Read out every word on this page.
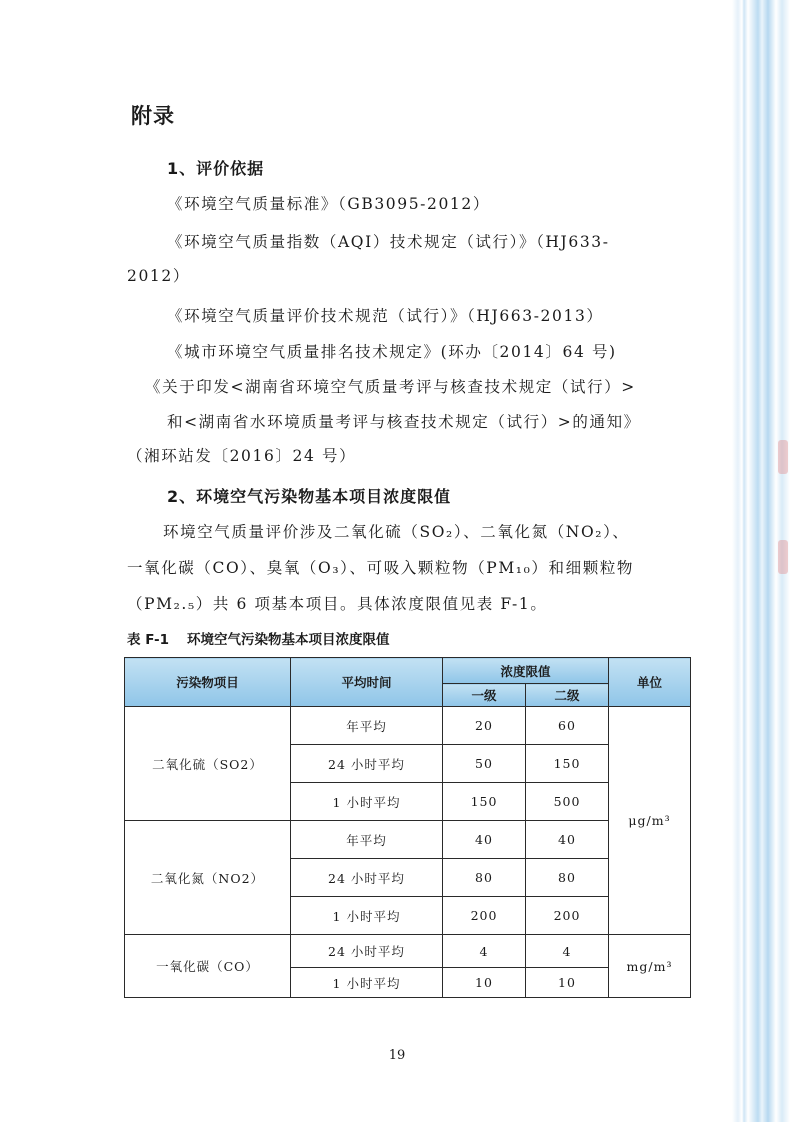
附录
1、评价依据
《环境空气质量标准》（GB3095-2012）
《环境空气质量指数（AQI）技术规定（试行）》（HJ633-
2012）
《环境空气质量评价技术规范（试行）》（HJ663-2013）
《城市环境空气质量排名技术规定》(环办〔2014〕64 号)
《关于印发<湖南省环境空气质量考评与核查技术规定（试行）>
和<湖南省水环境质量考评与核查技术规定（试行）>的通知》
（湘环站发〔2016〕24 号）
2、环境空气污染物基本项目浓度限值
环境空气质量评价涉及二氧化硫（SO₂）、二氧化氮（NO₂）、
一氧化碳（CO）、臭氧（O₃）、可吸入颗粒物（PM₁₀）和细颗粒物
（PM₂.₅）共 6 项基本项目。具体浓度限值见表 F-1。
表 F-1 环境空气污染物基本项目浓度限值
污染物项目	平均时间	浓度限值		单位
		一级	二级	
二氧化硫（SO2）	年平均	20	60	μg/m³
	24 小时平均	50	150	
	1 小时平均	150	500	
二氧化氮（NO2）	年平均	40	40	
	24 小时平均	80	80	
	1 小时平均	200	200	
一氧化碳（CO）	24 小时平均	4	4	mg/m³
	1 小时平均	10	10	
19
